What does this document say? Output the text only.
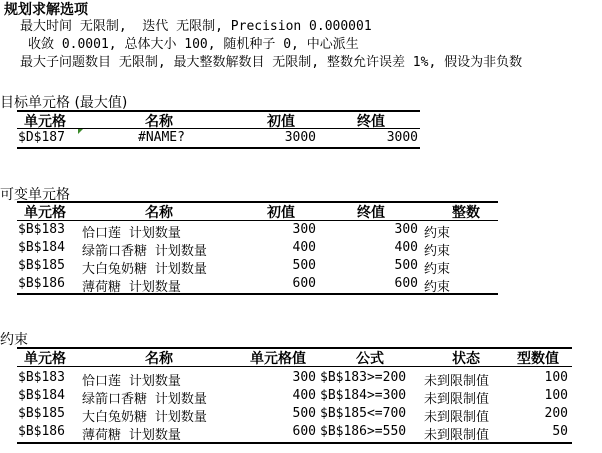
规划求解选项
最大时间 无限制,  迭代 无限制, Precision 0.000001
收敛 0.0001, 总体大小 100, 随机种子 0, 中心派生
最大子问题数目 无限制, 最大整数解数目 无限制, 整数允许误差 1%, 假设为非负数
目标单元格 (最大值)
单元格	名称	初值	终值
$D$187	#NAME?	3000	3000
可变单元格
单元格	名称	初值	终值	整数
$B$183 恰口莲 计划数量	300	300 约束
$B$184 绿箭口香糖 计划数量	400	400 约束
$B$185 大白兔奶糖 计划数量	500	500 约束
$B$186 薄荷糖 计划数量	600	600 约束
约束
单元格	名称	单元格值	公式	状态	型数值
$B$183 恰口莲 计划数量	300 $B$183>=200 未到限制值	100
$B$184 绿箭口香糖 计划数量	400 $B$184>=300 未到限制值	100
$B$185 大白兔奶糖 计划数量	500 $B$185<=700 未到限制值	200
$B$186 薄荷糖 计划数量	600 $B$186>=550 未到限制值	50
